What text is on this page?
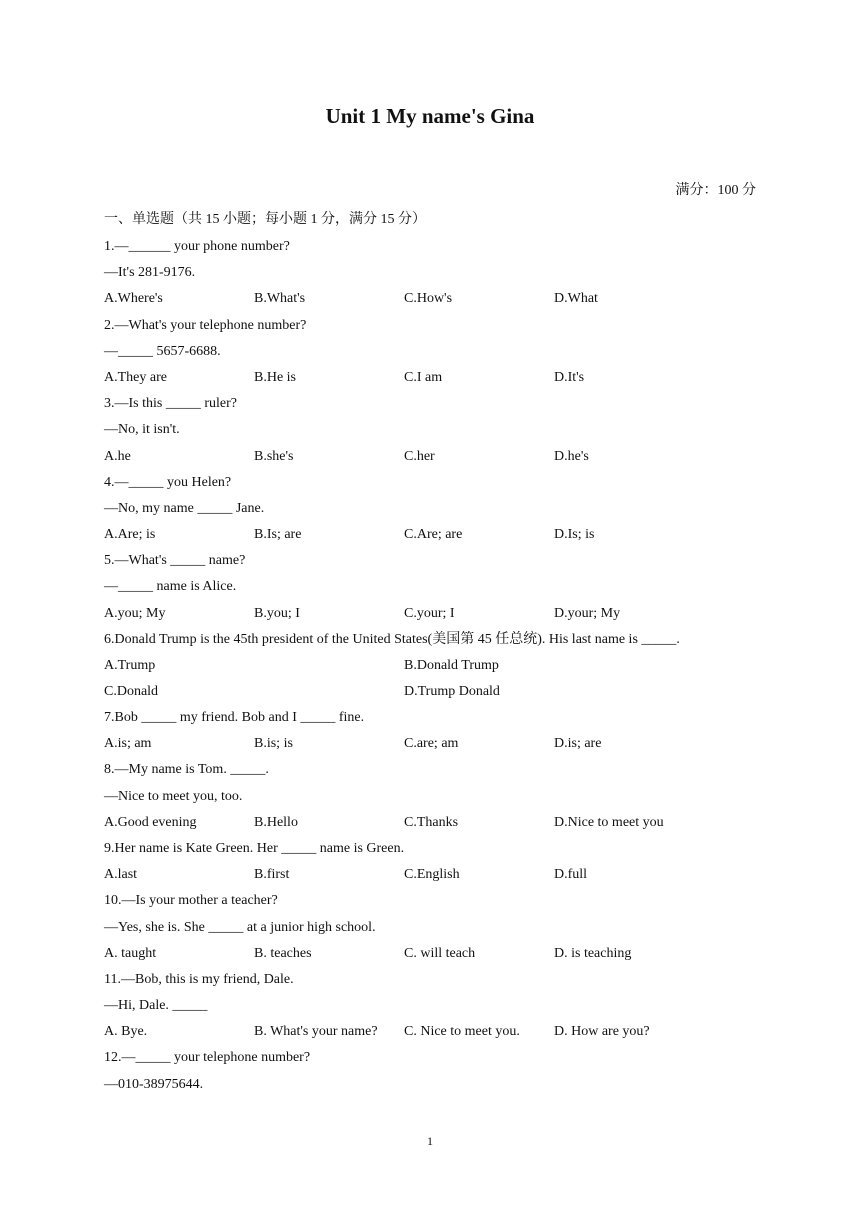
Unit 1 My name's Gina
满分：100 分
一、单选题（共 15 小题；每小题 1 分，满分 15 分）
1.—______ your phone number?
—It's 281-9176.
A.Where's	B.What's	C.How's	D.What
2.—What's your telephone number?
—_____ 5657-6688.
A.They are	B.He is	C.I am	D.It's
3.—Is this _____ ruler?
—No, it isn't.
A.he	B.she's	C.her	D.he's
4.—_____ you Helen?
—No, my name _____ Jane.
A.Are; is	B.Is; are	C.Are; are	D.Is; is
5.—What's _____ name?
—_____ name is Alice.
A.you; My	B.you; I	C.your; I	D.your; My
6.Donald Trump is the 45th president of the United States(美国第 45 任总统). His last name is _____.
A.Trump	B.Donald Trump
C.Donald	D.Trump Donald
7.Bob _____ my friend. Bob and I _____ fine.
A.is; am	B.is; is	C.are; am	D.is; are
8.—My name is Tom. _____.
—Nice to meet you, too.
A.Good evening	B.Hello	C.Thanks	D.Nice to meet you
9.Her name is Kate Green. Her _____ name is Green.
A.last	B.first	C.English	D.full
10.—Is your mother a teacher?
—Yes, she is. She _____ at a junior high school.
A. taught	B. teaches	C. will teach	D. is teaching
11.—Bob, this is my friend, Dale.
—Hi, Dale. _____
A. Bye.	B. What's your name? C. Nice to meet you. D. How are you?
12.—_____ your telephone number?
—010-38975644.
1
